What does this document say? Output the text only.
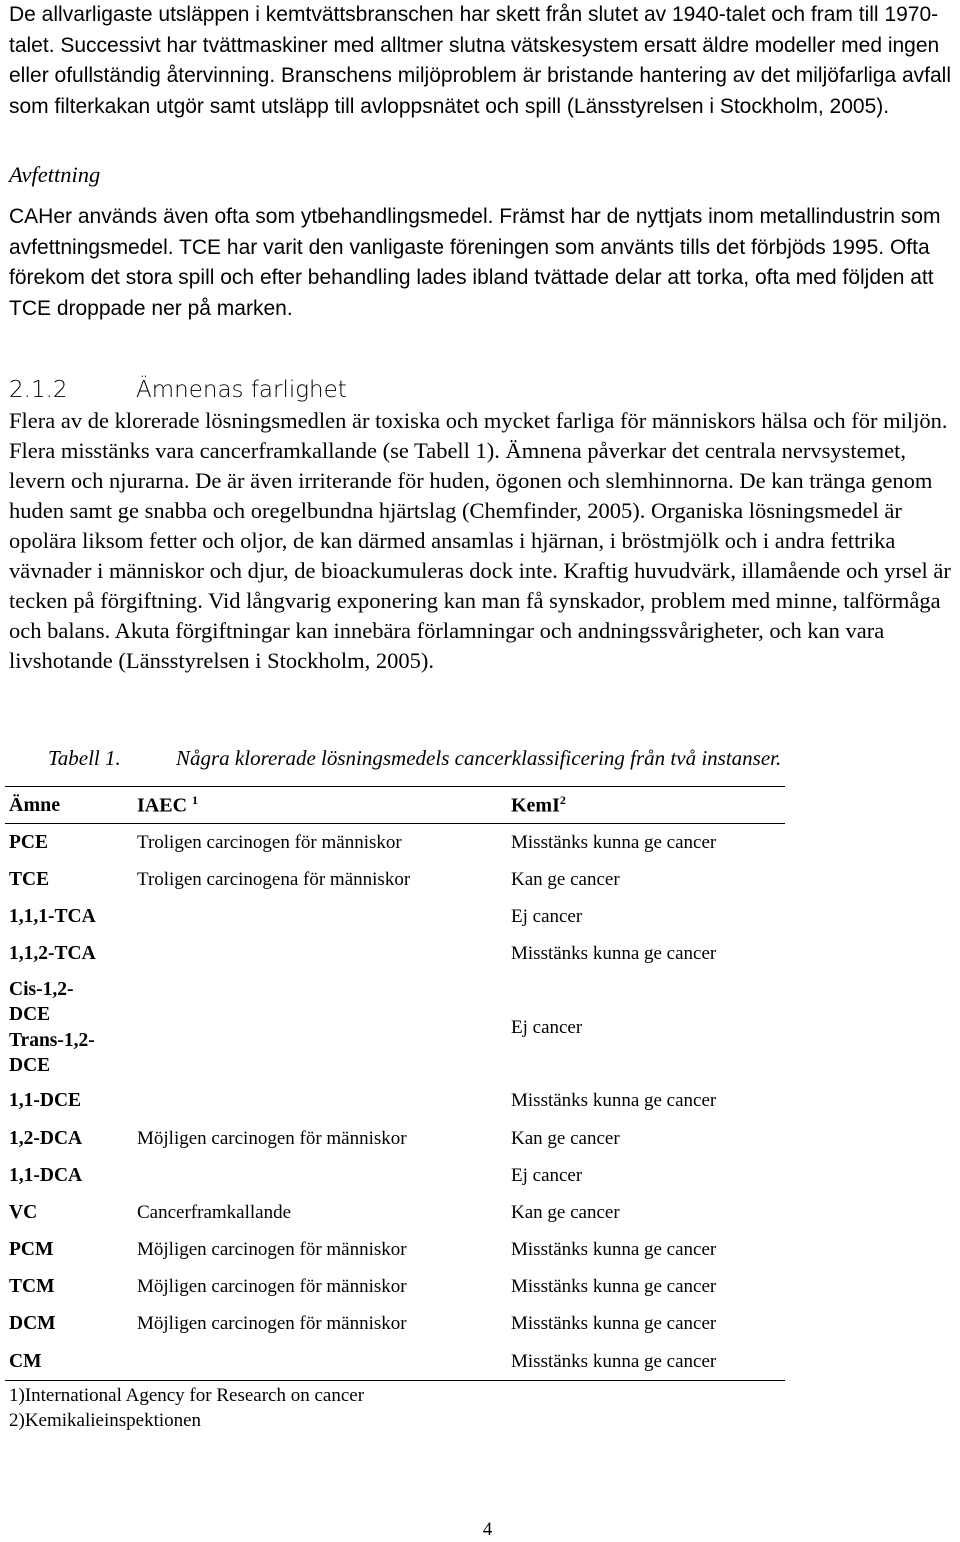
De allvarligaste utsläppen i kemtvättsbranschen har skett från slutet av 1940-talet och fram till 1970-talet. Successivt har tvättmaskiner med alltmer slutna vätskesystem ersatt äldre modeller med ingen eller ofullständig återvinning. Branschens miljöproblem är bristande hantering av det miljöfarliga avfall som filterkakan utgör samt utsläpp till avloppsnätet och spill (Länsstyrelsen i Stockholm, 2005).

Avfettning

CAHer används även ofta som ytbehandlingsmedel. Främst har de nyttjats inom metallindustrin som avfettningsmedel. TCE har varit den vanligaste föreningen som använts tills det förbjöds 1995. Ofta förekom det stora spill och efter behandling lades ibland tvättade delar att torka, ofta med följden att TCE droppade ner på marken.

2.1.2	Ämnenas farlighet

Flera av de klorerade lösningsmedlen är toxiska och mycket farliga för människors hälsa och för miljön. Flera misstänks vara cancerframkallande (se Tabell 1). Ämnena påverkar det centrala nervsystemet, levern och njurarna. De är även irriterande för huden, ögonen och slemhinnorna. De kan tränga genom huden samt ge snabba och oregelbundna hjärtslag (Chemfinder, 2005). Organiska lösningsmedel är opolära liksom fetter och oljor, de kan därmed ansamlas i hjärnan, i bröstmjölk och i andra fettrika vävnader i människor och djur, de bioackumuleras dock inte. Kraftig huvudvärk, illamående och yrsel är tecken på förgiftning. Vid långvarig exponering kan man få synskador, problem med minne, talförmåga och balans. Akuta förgiftningar kan innebära förlamningar och andningssvårigheter, och kan vara livshotande (Länsstyrelsen i Stockholm, 2005).

Tabell 1.	Några klorerade lösningsmedels cancerklassificering från två instanser.
Ämne	IAEC $^1$	KemI$^2$
PCE	Troligen carcinogen för människor	Misstänks kunna ge cancer
TCE	Troligen carcinogena för människor	Kan ge cancer
1,1,1-TCA		Ej cancer
1,1,2-TCA		Misstänks kunna ge cancer

Cis-1,2-
DCE
Trans-1,2-
DCE		Ej cancer
1,1-DCE		Misstänks kunna ge cancer
1,2-DCA	Möjligen carcinogen för människor	Kan ge cancer
1,1-DCA		Ej cancer
VC	Cancerframkallande	Kan ge cancer
PCM	Möjligen carcinogen för människor	Misstänks kunna ge cancer
TCM	Möjligen carcinogen för människor	Misstänks kunna ge cancer
DCM	Möjligen carcinogen för människor	Misstänks kunna ge cancer
CM		Misstänks kunna ge cancer
1)International Agency for Research on cancer
2)Kemikalieinspektionen
4
